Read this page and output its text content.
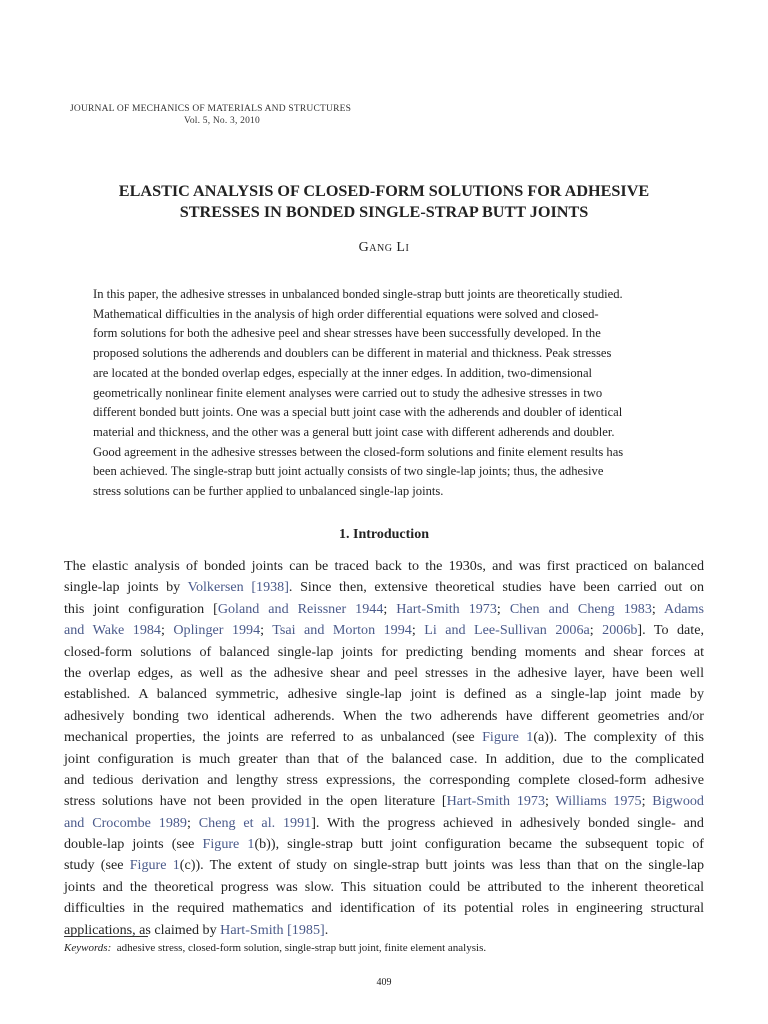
JOURNAL OF MECHANICS OF MATERIALS AND STRUCTURES
Vol. 5, No. 3, 2010
ELASTIC ANALYSIS OF CLOSED-FORM SOLUTIONS FOR ADHESIVE
STRESSES IN BONDED SINGLE-STRAP BUTT JOINTS
Gang Li
In this paper, the adhesive stresses in unbalanced bonded single-strap butt joints are theoretically studied.
Mathematical difficulties in the analysis of high order differential equations were solved and closed-
form solutions for both the adhesive peel and shear stresses have been successfully developed. In the
proposed solutions the adherends and doublers can be different in material and thickness. Peak stresses
are located at the bonded overlap edges, especially at the inner edges. In addition, two-dimensional
geometrically nonlinear finite element analyses were carried out to study the adhesive stresses in two
different bonded butt joints. One was a special butt joint case with the adherends and doubler of identical
material and thickness, and the other was a general butt joint case with different adherends and doubler.
Good agreement in the adhesive stresses between the closed-form solutions and finite element results has
been achieved. The single-strap butt joint actually consists of two single-lap joints; thus, the adhesive
stress solutions can be further applied to unbalanced single-lap joints.
1. Introduction
The elastic analysis of bonded joints can be traced back to the 1930s, and was first practiced on balanced
single-lap joints by Volkersen [1938]. Since then, extensive theoretical studies have been carried out on
this joint configuration [Goland and Reissner 1944; Hart-Smith 1973; Chen and Cheng 1983; Adams
and Wake 1984; Oplinger 1994; Tsai and Morton 1994; Li and Lee-Sullivan 2006a; 2006b]. To date,
closed-form solutions of balanced single-lap joints for predicting bending moments and shear forces at
the overlap edges, as well as the adhesive shear and peel stresses in the adhesive layer, have been well
established. A balanced symmetric, adhesive single-lap joint is defined as a single-lap joint made by
adhesively bonding two identical adherends. When the two adherends have different geometries and/or
mechanical properties, the joints are referred to as unbalanced (see Figure 1(a)). The complexity of this
joint configuration is much greater than that of the balanced case. In addition, due to the complicated
and tedious derivation and lengthy stress expressions, the corresponding complete closed-form adhesive
stress solutions have not been provided in the open literature [Hart-Smith 1973; Williams 1975; Bigwood
and Crocombe 1989; Cheng et al. 1991]. With the progress achieved in adhesively bonded single- and
double-lap joints (see Figure 1(b)), single-strap butt joint configuration became the subsequent topic of
study (see Figure 1(c)). The extent of study on single-strap butt joints was less than that on the single-lap
joints and the theoretical progress was slow. This situation could be attributed to the inherent theoretical
difficulties in the required mathematics and identification of its potential roles in engineering structural
applications, as claimed by Hart-Smith [1985].
Keywords: adhesive stress, closed-form solution, single-strap butt joint, finite element analysis.
409
